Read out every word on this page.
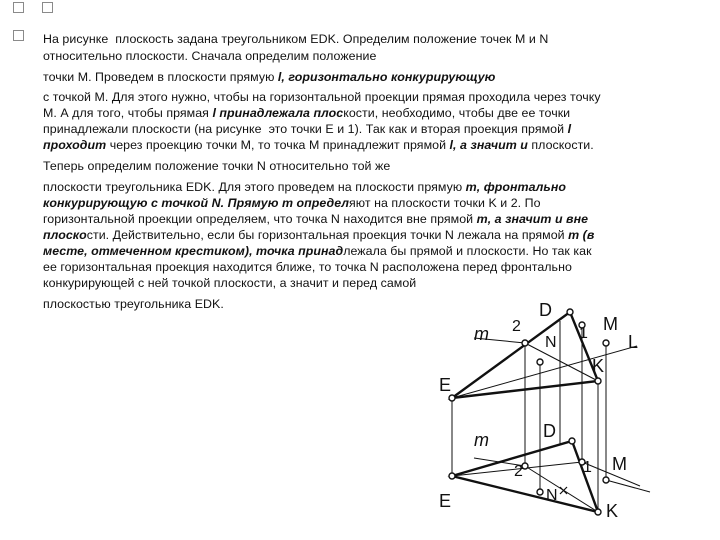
На рисунке  плоскость задана треугольником EDK. Определим положение точек M и N
относительно плоскости. Сначала определим положение
точки M. Проведем в плоскости прямую l, горизонтально конкурирующую
с точкой M. Для этого нужно, чтобы на горизонтальной проекции прямая проходила через точку
M. А для того, чтобы прямая l принадлежала плоскости, необходимо, чтобы две ее точки
принадлежали плоскости (на рисунке  это точки E и 1). Так как и вторая проекция прямой l
проходит через проекцию точки M, то точка M принадлежит прямой l, а значит и плоскости.
Теперь определим положение точки N относительно той же
плоскости треугольника EDK. Для этого проведем на плоскости прямую m, фронтально
конкурирующую с точкой N. Прямую m определяют на плоскости точки K и 2. По
горизонтальной проекции определяем, что точка N находится вне прямой m, а значит и вне
плоскости. Действительно, если бы горизонтальная проекция точки N лежала на прямой m (в
месте, отмеченном крестиком), точка принадлежала бы прямой и плоскости. Но так как
ее горизонтальная проекция находится ближе, то точка N расположена перед фронтально
конкурирующей с ней точкой плоскости, а значит и перед самой
плоскостью треугольника EDK.
m 2
D
N
1 M
L
K
E
m
2
D
N
1 M
E	K
